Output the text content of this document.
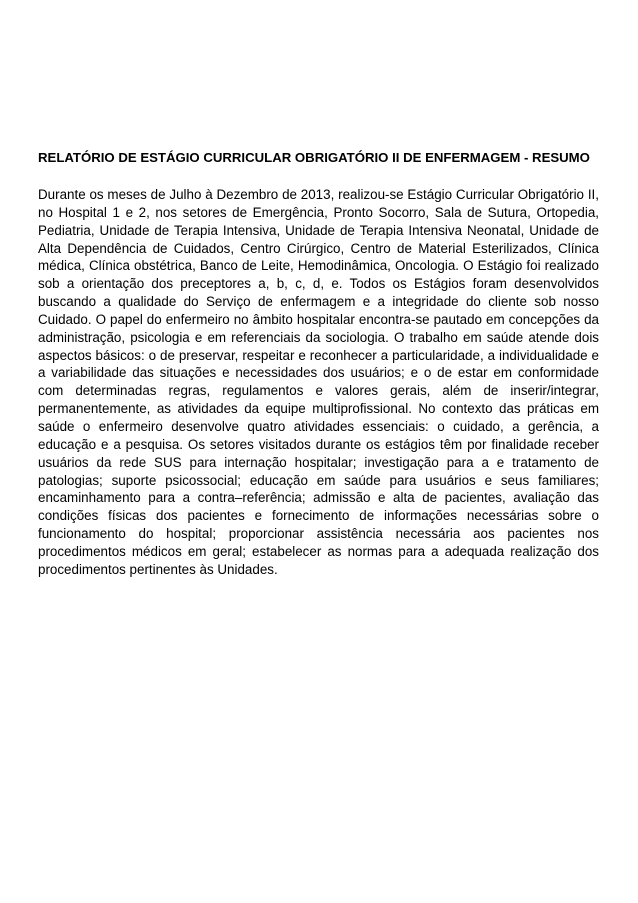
RELATÓRIO DE ESTÁGIO CURRICULAR OBRIGATÓRIO II DE ENFERMAGEM - RESUMO

Durante os meses de Julho à Dezembro de 2013, realizou-se Estágio Curricular Obrigatório II, no Hospital 1 e 2, nos setores de Emergência, Pronto Socorro, Sala de Sutura, Ortopedia, Pediatria, Unidade de Terapia Intensiva, Unidade de Terapia Intensiva Neonatal, Unidade de Alta Dependência de Cuidados, Centro Cirúrgico, Centro de Material Esterilizados, Clínica médica, Clínica obstétrica, Banco de Leite, Hemodinâmica, Oncologia. O Estágio foi realizado sob a orientação dos preceptores a, b, c, d, e. Todos os Estágios foram desenvolvidos buscando a qualidade do Serviço de enfermagem e a integridade do cliente sob nosso Cuidado. O papel do enfermeiro no âmbito hospitalar encontra-se pautado em concepções da administração, psicologia e em referenciais da sociologia. O trabalho em saúde atende dois aspectos básicos: o de preservar, respeitar e reconhecer a particularidade, a individualidade e a variabilidade das situações e necessidades dos usuários; e o de estar em conformidade com determinadas regras, regulamentos e valores gerais, além de inserir/integrar, permanentemente, as atividades da equipe multiprofissional. No contexto das práticas em saúde o enfermeiro desenvolve quatro atividades essenciais: o cuidado, a gerência, a educação e a pesquisa. Os setores visitados durante os estágios têm por finalidade receber usuários da rede SUS para internação hospitalar; investigação para a e tratamento de patologias; suporte psicossocial; educação em saúde para usuários e seus familiares; encaminhamento para a contra–referência; admissão e alta de pacientes, avaliação das condições físicas dos pacientes e fornecimento de informações necessárias sobre o funcionamento do hospital; proporcionar assistência necessária aos pacientes nos procedimentos médicos em geral; estabelecer as normas para a adequada realização dos procedimentos pertinentes às Unidades.
